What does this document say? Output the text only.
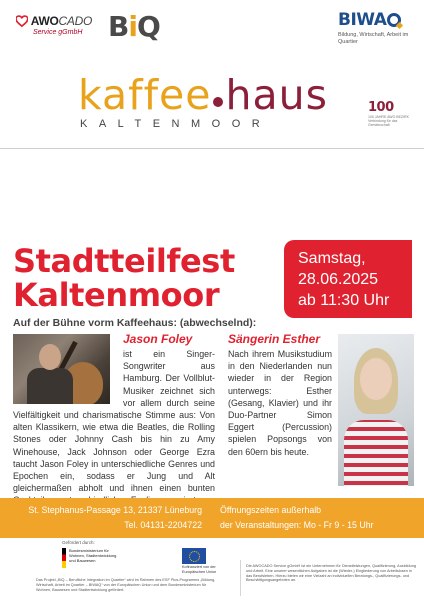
AWOCADO
Service gGmbH BiQ	BIWA
Bildung, Wirtschaft, Arbeit im Quartier
kaffee haus
KALTENMOOR
100
100 JAHRE AWO BEZIRK Verbindung für das Gemeinschaft
Stadtteilfest
Kaltenmoor
Samstag,
28.06.2025
ab 11:30 Uhr
Auf der Bühne vorm Kaffeehaus: (abwechselnd):
Jason Foley
ist ein Singer-Songwriter aus Hamburg. Der Vollblut-Musiker zeichnet sich vor allem durch seine Vielfältigkeit und charismatische Stimme aus: Von alten Klassikern, wie etwa die Beatles, die Rolling Stones oder Johnny Cash bis hin zu Amy Winehouse, Jack Johnson oder George Ezra taucht Jason Foley in unterschiedliche Genres und Epochen ein, sodass er Jung und Alt gleichermaßen abholt und ihnen einen bunten
Sängerin Esther
Nach ihrem Musikstudium in den Niederlanden nun wieder in der Region unterwegs: Esther (Gesang, Klavier) und ihr Duo-Partner Simon Eggert (Percussion) spielen Popsongs von den 60ern bis heute.
St. Stephanus-Passage 13, 21337 Lüneburg
Tel. 04131-2204722
Öffnungszeiten außerhalb
der Veranstaltungen: Mo - Fr 9 - 15 Uhr
Gefördert durch:
Bundesministerium für Wohnen, Stadtentwicklung und Bauwesen
Kofinanziert von der Europäischen Union
Das Projekt „BIQ – Berufliche Integration im Quartier“ wird im Rahmen des ESF Plus-Programms „Bildung, Wirtschaft, Arbeit im Quartier – BIWAQ“ von der Europäischen Union und dem Bundesministerium für Wohnen, Bauwesen und Stadtentwicklung gefördert.
Die AWOCADO Service gGmbH ist ein Unternehmen für Dienstleistungen, Qualifizierung, Ausbildung und Arbeit. Eine unserer wesentlichen Aufgaben ist die (Wieder-) Eingliederung von Arbeitslosen in das Berufsleben. Hierzu bieten wir eine Vielzahl an individuellen Beratungs-, Qualifizierungs- und Beschäftigungsangeboten an.
